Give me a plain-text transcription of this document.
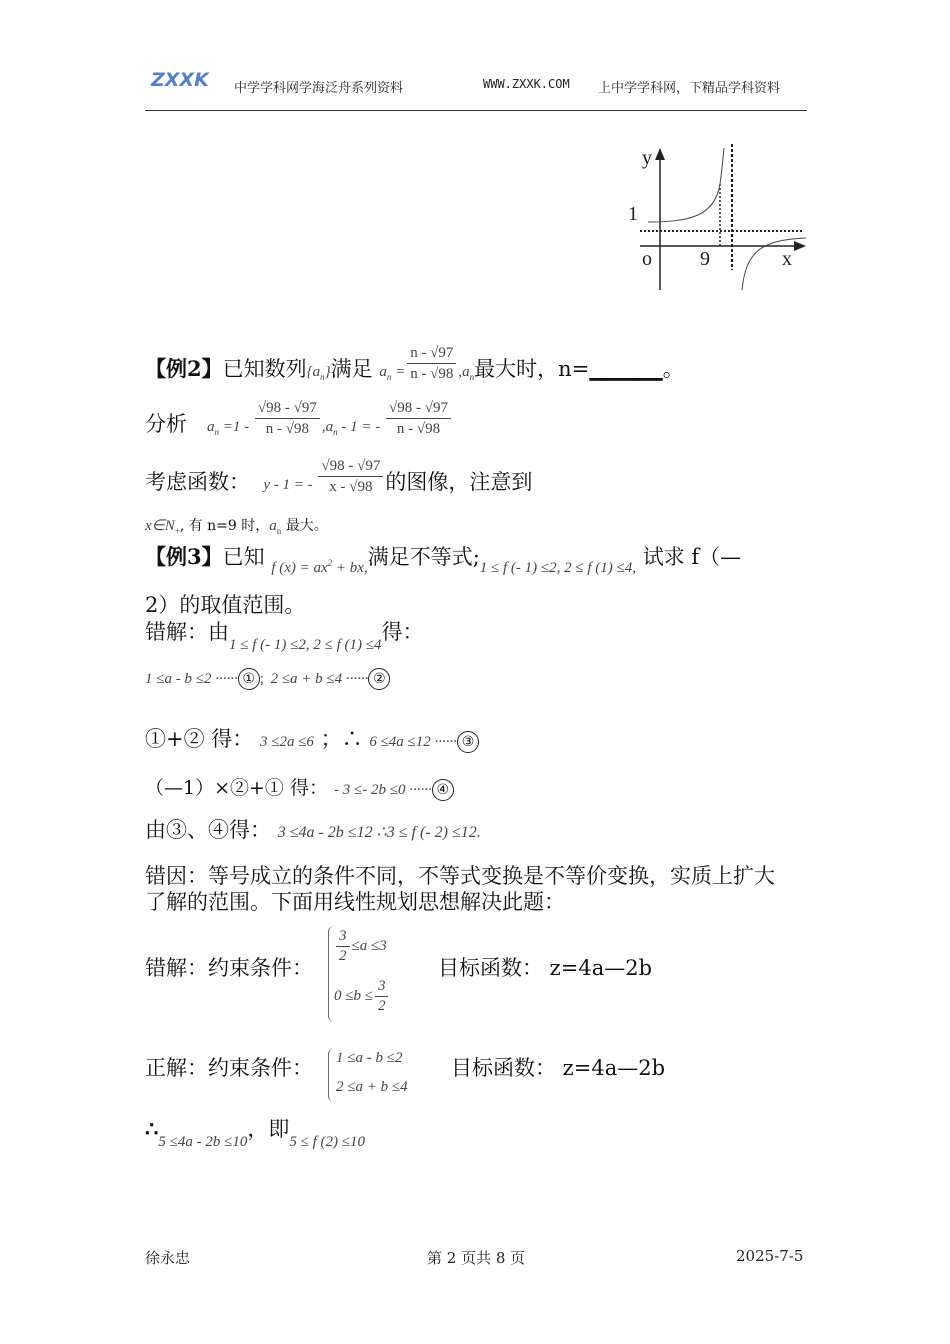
ZXXK 中学学科网学海泛舟系列资料	WWW.ZXXK.COM 上中学学科网，下精品学科资料
y
x
o
1
9
【例2】已知数列$\{a_n\}$满足 $a_n = \frac{n - √97}{n - √98} ,a_n$最大时，n=_______。
分析 $a_n =1 - \frac{√98 - √97}{n - √98} ,a_n - 1$ = - $\frac{√98 - √97}{n - √98}$
考虑函数： y - 1 = - $\frac{√98 - √97}{x - √98}$ 的图像，注意到
$x\in N_+$, 有 n=9 时，$a_n$ 最大。
【例3】已知 $_{f (x) = ax^2 + bx,}$满足不等式$;_{1 \le f (- 1) \le 2, 2 \le f (1) \le 4,}$ 试求 f（—
2）的取值范围。
错解：由$_{1 \le f (- 1) \le 2, 2 \le f (1) \le 4}$得：
1 ≤a - b ≤2 ······ ① ; 2 ≤a + b ≤4 ······ ②
①+② 得： 3 ≤2a ≤6 ；∴ 6 ≤4a ≤12 ······ ③
（—1）×②+① 得： - 3 ≤- 2b ≤0 ······ ④
由③、④得： 3 ≤4a - 2b ≤12 ∴3 ≤ f (- 2) ≤12.
错因：等号成立的条件不同，不等式变换是不等价变换，实质上扩大
了解的范围。下面用线性规划思想解决此题：
错解：约束条件：
$\frac{3}{2} \le a \le 3$
$0 \le b \le \frac{3}{2}$
目标函数： z=4a—2b
正解：约束条件： 1 ≤a - b ≤2
2 ≤a + b ≤4
目标函数： z=4a—2b
$\therefore_{5 \le 4a - 2b \le 10}$，即$_{5 \le f (2) \le 10}$
徐永忠	第 2 页共 8 页	2025-7-5
